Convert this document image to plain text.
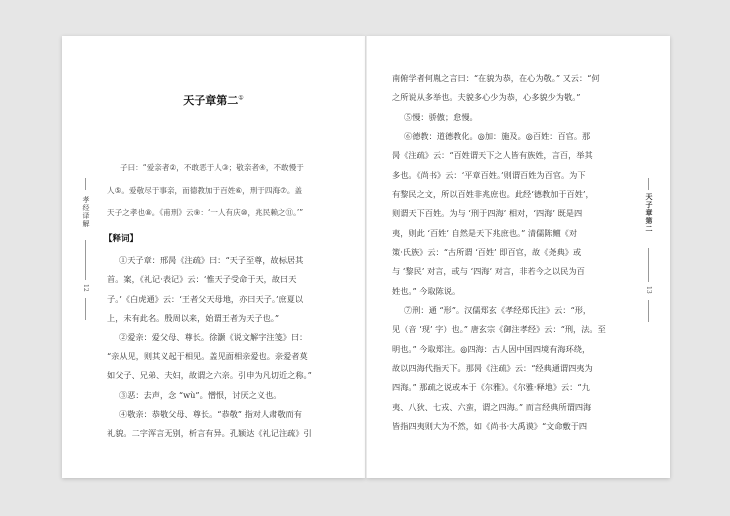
孝经译解
12
天子章第二
13
天子章第二①
子曰：“爱亲者②，不敢恶于人③；敬亲者④，不敢慢于
人⑤。爱敬尽于事亲，而德教加于百姓⑥，刑于四海⑦。盖
天子之孝也⑧。《甫刑》云⑨：‘一人有庆⑩，兆民赖之⑪。’”
【释词】
①天子章：邢昺《注疏》曰：“天子至尊，故标居其
首。案，《礼记·表记》云：‘惟天子受命于天，故曰天
子。’《白虎通》云：‘王者父天母地，亦曰天子。’庶夏以
上，未有此名。殷周以来，始谓王者为天子也。”
②爱亲：爱父母、尊长。徐灏《说文解字注笺》曰：
“亲从见，则其义起于相见。盖见面相亲爱也。亲爱者莫
如父子、兄弟、夫妇，故谓之六亲。引申为凡切近之称。”
③恶：去声，念 “wù”。憎恨，讨厌之义也。
④敬亲：恭敬父母、尊长。“恭敬” 指对人肃敬而有
礼貌。二字浑言无别，析言有异。孔颖达《礼记注疏》引
南俯学者何胤之言曰：“在貌为恭，在心为敬。” 又云：“何
之所说从多举也。夫貌多心少为恭，心多貌少为敬。”
⑤慢：骄傲；怠慢。
⑥德教：道德教化。◎加：施及。◎百姓：百官。那
昺《注疏》云：“百姓谓天下之人皆有族姓，言百，举其
多也。《尚书》云：‘平章百姓。’则谓百姓为百官。为下
有黎民之文，所以百姓非兆庶也。此经‘德教加于百姓’，
则谓天下百姓。为与 ‘刑于四海’ 相对，‘四海’ 既是四
夷，则此 ‘百姓’ 自然是天下兆庶也。” 清儒陈鳣《对
策·氏族》云：“古所谓 ‘百姓’ 即百官，故《尧典》或
与 ‘黎民’ 对言，或与 ‘四海’ 对言，非若今之以民为百
姓也。” 今取陈说。
⑦刑：通 “形”。汉儒郑玄《孝经郑氏注》云：“形，
见（音 ‘现’ 字）也。” 唐玄宗《御注孝经》云：“刑，法。至
明也。” 今取郑注。◎四海：古人因中国四境有海环绕，
故以四海代指天下。那昺《注疏》云：“经典通谓四夷为
四海。” 那疏之说或本于《尔雅》。《尔雅·释地》云：“九
夷、八狄、七戎、六蛮，谓之四海。” 而言经典所谓四海
皆指四夷则大为不然，如《尚书·大禹谟》“文命敷于四
